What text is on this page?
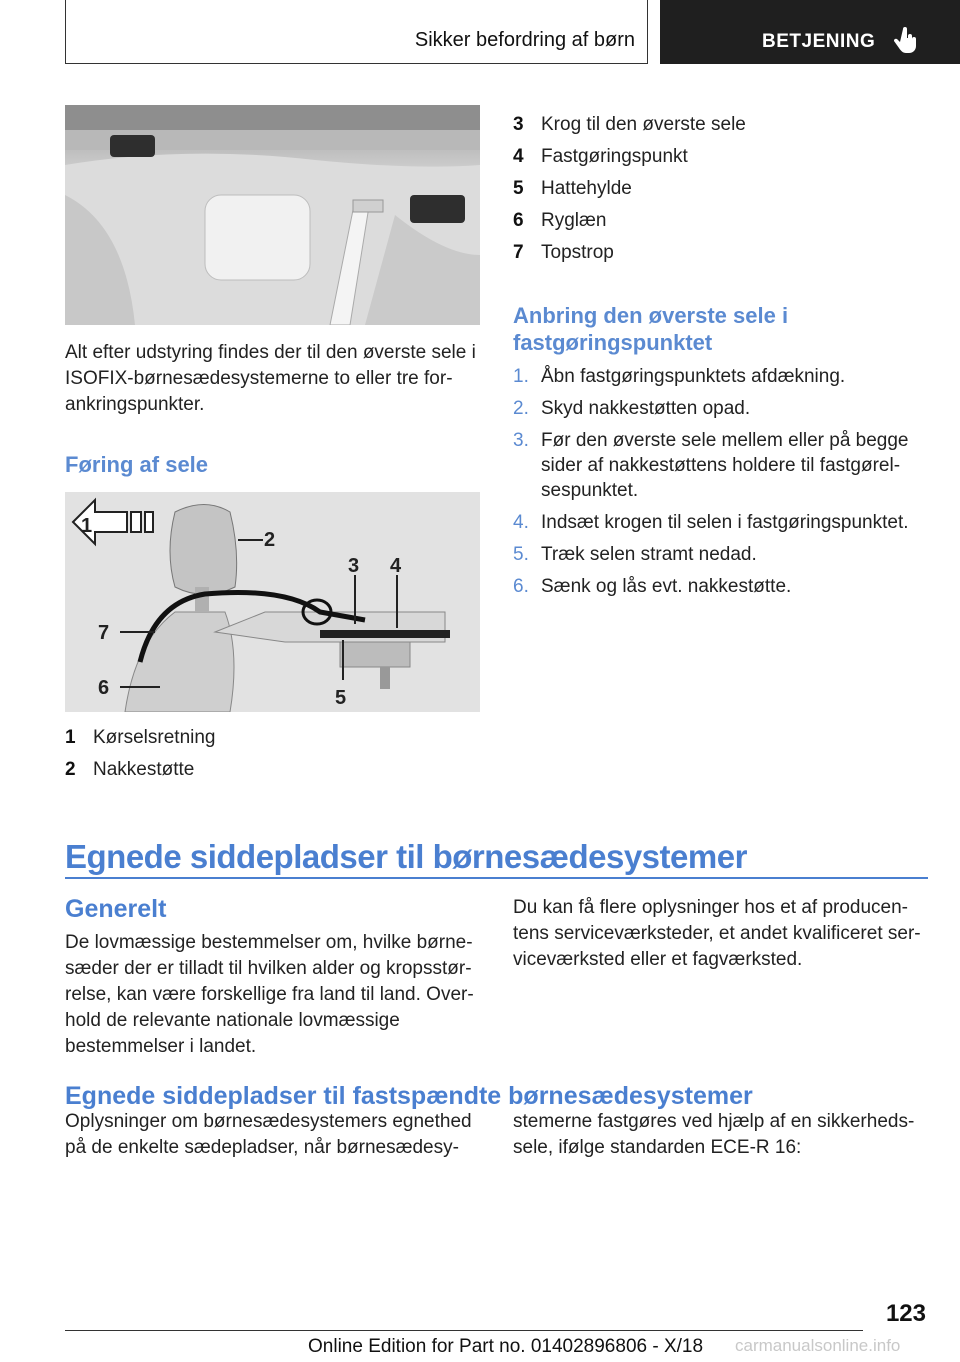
Sikker befordring af børn	BETJENING
Alt efter udstyring findes der til den øverste sele i
ISOFIX-børnesædesystemerne to eller tre for-
ankringspunkter.
Føring af sele
1
2
3 4
5
6
7
1 Kørselsretning
2 Nakkestøtte
3 Krog til den øverste sele
4 Fastgøringspunkt
5 Hattehylde
6 Ryglæn
7 Topstrop
Anbring den øverste sele i
fastgøringspunktet
1. Åbn fastgøringspunktets afdækning.
2. Skyd nakkestøtten opad.
3. Før den øverste sele mellem eller på begge
sider af nakkestøttens holdere til fastgørel-
sespunktet.
4. Indsæt krogen til selen i fastgøringspunktet.
5. Træk selen stramt nedad.
6. Sænk og lås evt. nakkestøtte.
Egnede siddepladser til børnesædesystemer
Generelt
De lovmæssige bestemmelser om, hvilke børne-
sæder der er tilladt til hvilken alder og kropsstør-
relse, kan være forskellige fra land til land. Over-
hold de relevante nationale lovmæssige
bestemmelser i landet.
Du kan få flere oplysninger hos et af producen-
tens serviceværksteder, et andet kvalificeret ser-
viceværksted eller et fagværksted.
Egnede siddepladser til fastspændte børnesædesystemer
Oplysninger om børnesædesystemers egnethed
på de enkelte sædepladser, når børnesædesy-
stemerne fastgøres ved hjælp af en sikkerheds-
sele, ifølge standarden ECE-R 16:
123
Online Edition for Part no. 01402896806 - X/18 carmanualsonline.info
